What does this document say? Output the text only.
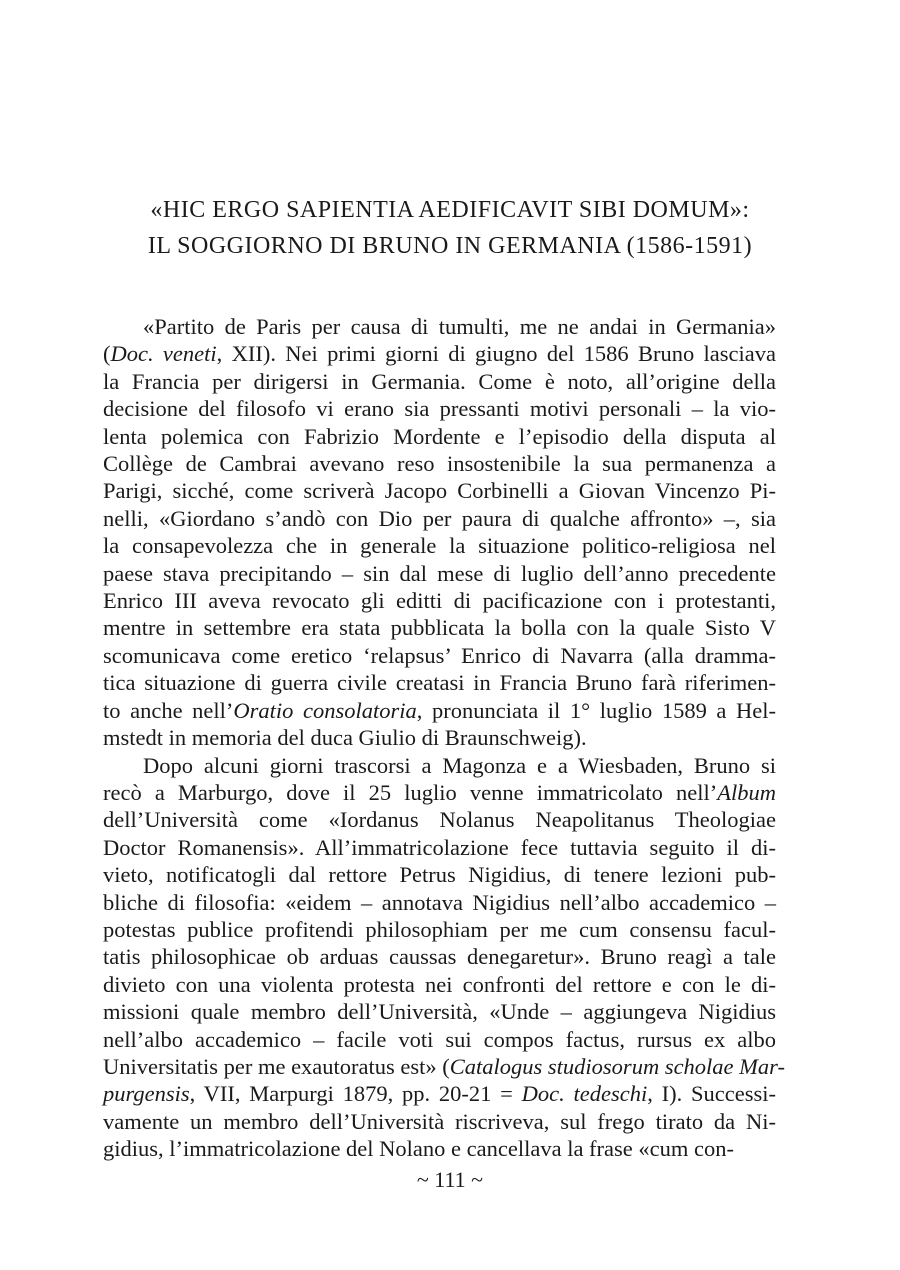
«HIC ERGO SAPIENTIA AEDIFICAVIT SIBI DOMUM»:
IL SOGGIORNO DI BRUNO IN GERMANIA (1586-1591)
«Partito de Paris per causa di tumulti, me ne andai in Germania»
(Doc. veneti, XII). Nei primi giorni di giugno del 1586 Bruno lasciava
la Francia per dirigersi in Germania. Come è noto, all’origine della
decisione del filosofo vi erano sia pressanti motivi personali – la vio-
lenta polemica con Fabrizio Mordente e l’episodio della disputa al
Collège de Cambrai avevano reso insostenibile la sua permanenza a
Parigi, sicché, come scriverà Jacopo Corbinelli a Giovan Vincenzo Pi-
nelli, «Giordano s’andò con Dio per paura di qualche affronto» –, sia
la consapevolezza che in generale la situazione politico-religiosa nel
paese stava precipitando – sin dal mese di luglio dell’anno precedente
Enrico III aveva revocato gli editti di pacificazione con i protestanti,
mentre in settembre era stata pubblicata la bolla con la quale Sisto V
scomunicava come eretico ‘relapsus’ Enrico di Navarra (alla dramma-
tica situazione di guerra civile creatasi in Francia Bruno farà riferimen-
to anche nell’Oratio consolatoria, pronunciata il 1° luglio 1589 a Hel-
mstedt in memoria del duca Giulio di Braunschweig).
Dopo alcuni giorni trascorsi a Magonza e a Wiesbaden, Bruno si
recò a Marburgo, dove il 25 luglio venne immatricolato nell’Album
dell’Università come «Iordanus Nolanus Neapolitanus Theologiae
Doctor Romanensis». All’immatricolazione fece tuttavia seguito il di-
vieto, notificatogli dal rettore Petrus Nigidius, di tenere lezioni pub-
bliche di filosofia: «eidem – annotava Nigidius nell’albo accademico –
potestas publice profitendi philosophiam per me cum consensu facul-
tatis philosophicae ob arduas caussas denegaretur». Bruno reagì a tale
divieto con una violenta protesta nei confronti del rettore e con le di-
missioni quale membro dell’Università, «Unde – aggiungeva Nigidius
nell’albo accademico – facile voti sui compos factus, rursus ex albo
Universitatis per me exautoratus est» (Catalogus studiosorum scholae Mar-
purgensis, VII, Marpurgi 1879, pp. 20-21 = Doc. tedeschi, I). Successi-
vamente un membro dell’Università riscriveva, sul frego tirato da Ni-
gidius, l’immatricolazione del Nolano e cancellava la frase «cum con-
~ 111 ~
